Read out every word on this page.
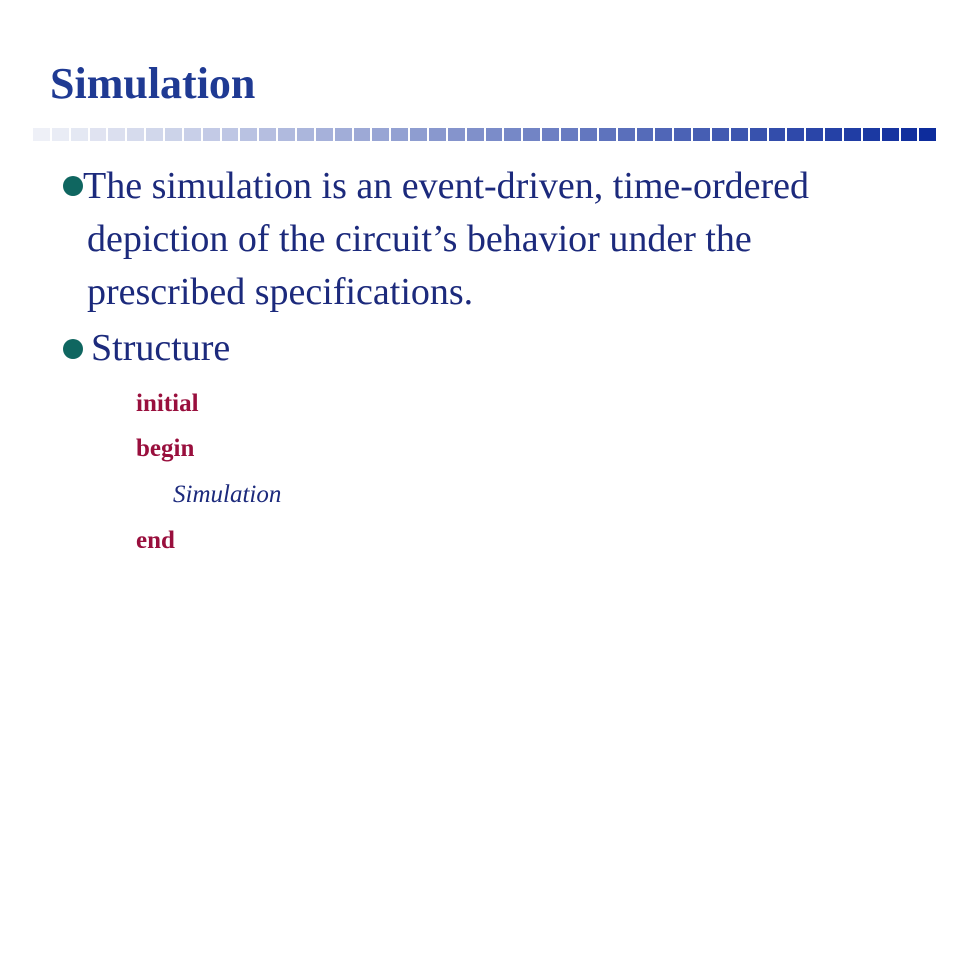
Simulation

The simulation is an event-driven, time-ordered depiction of the circuit’s behavior under the prescribed specifications.

Structure

initial

begin

Simulation

end
